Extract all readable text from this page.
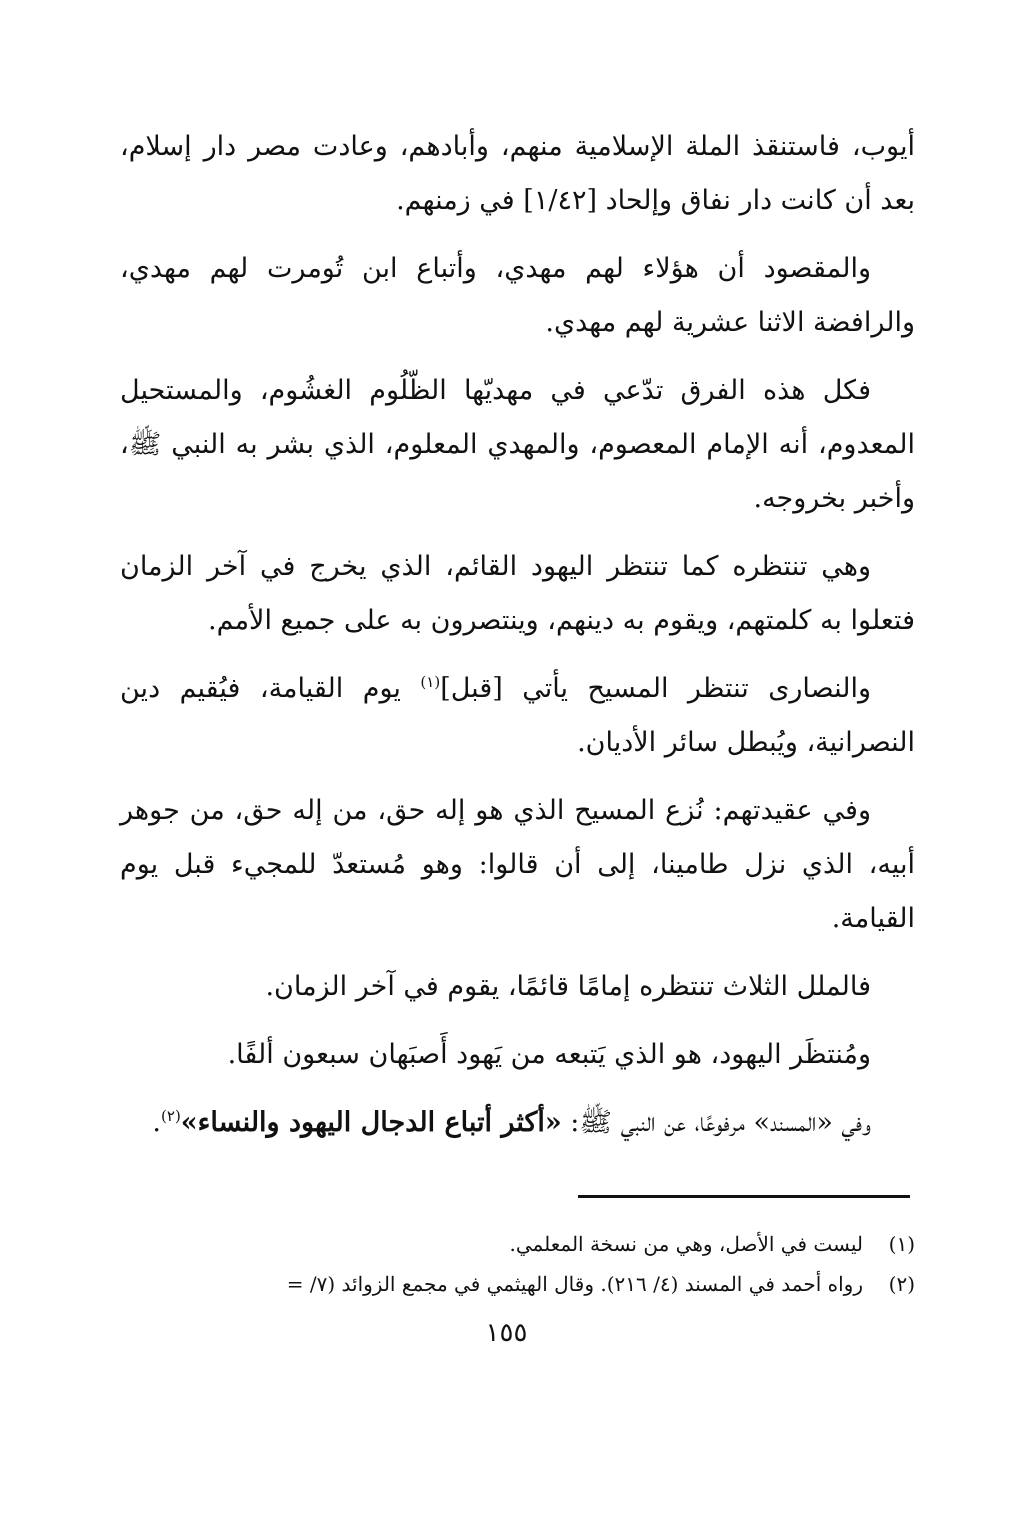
أيوب، فاستنقذ الملة الإسلامية منهم، وأبادهم، وعادت مصر دار إسلام، بعد أن كانت دار نفاق وإلحاد [١/٤٢] في زمنهم.

والمقصود أن هؤلاء لهم مهدي، وأتباع ابن تُومرت لهم مهدي، والرافضة الاثنا عشرية لهم مهدي.

فكل هذه الفرق تدّعي في مهديّها الظّلُوم الغشُوم، والمستحيل المعدوم، أنه الإمام المعصوم، والمهدي المعلوم، الذي بشر به النبي ﷺ، وأخبر بخروجه.

وهي تنتظره كما تنتظر اليهود القائم، الذي يخرج في آخر الزمان فتعلوا به كلمتهم، ويقوم به دينهم، وينتصرون به على جميع الأمم.

والنصارى تنتظر المسيح يأتي [قبل]$^{(١)}$ يوم القيامة، فيُقيم دين النصرانية، ويُبطل سائر الأديان.

وفي عقيدتهم: نُزع المسيح الذي هو إله حق، من إله حق، من جوهر أبيه، الذي نزل طامينا، إلى أن قالوا: وهو مُستعدّ للمجيء قبل يوم القيامة.

فالملل الثلاث تنتظره إمامًا قائمًا، يقوم في آخر الزمان.

ومُنتظَر اليهود، هو الذي يَتبعه من يَهود أَصبَهان سبعون ألفًا.

وفي «المسند» مرفوعًا، عن النبي ﷺ: «أكثر أتباع الدجال اليهود والنساء»$^{(٢)}$.

(١)ليست في الأصل، وهي من نسخة المعلمي.

(٢)رواه أحمد في المسند (٤/ ٢١٦). وقال الهيثمي في مجمع الزوائد (٧/ =

١٥٥
